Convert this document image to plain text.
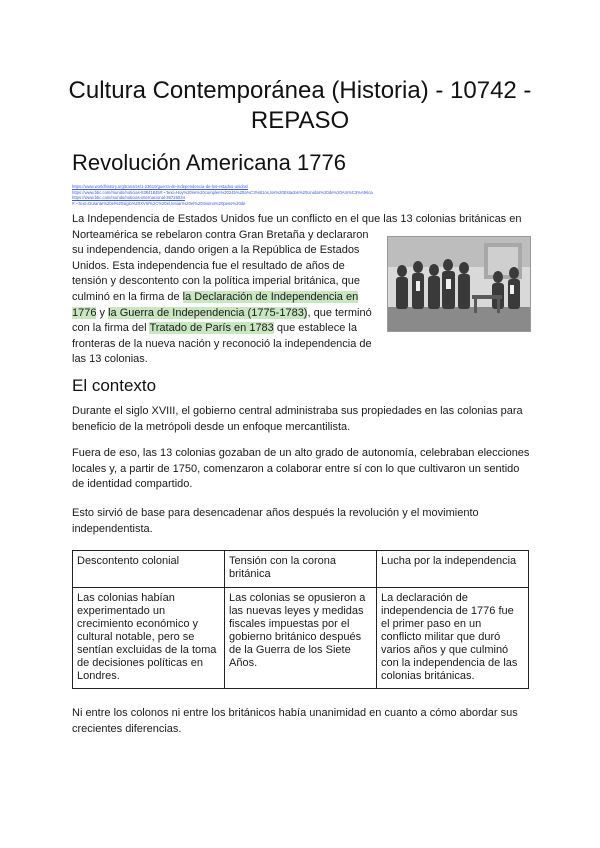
Cultura Contemporánea (Historia) - 10742 - REPASO
Revolución Americana 1776
https://www.worldhistory.org/trans/es/1-23610/guerra-de-independencia-de-los-estados-unidos/
https://www.bbc.com/mundo/noticias-53841845#:~:text=Hoy%20se%20cumplen%20245%20a%C3%B1os,los%20Estados%20Unidos%20de%20Am%C3%A9rica
https://www.bbc.com/mundo/noticias-internacional-36726034
#:~:text=Durante%20el%20siglo%20XVIII%2C%20el,tenian%20el%20mismo%20peso%20de
La Independencia de Estados Unidos fue un conflicto en el que las 13 colonias británicas en
Norteamérica se rebelaron contra Gran Bretaña y declararon
su independencia, dando origen a la República de Estados
Unidos. Esta independencia fue el resultado de años de
tensión y descontento con la política imperial británica, que
culminó en la firma de la Declaración de Independencia en
1776 y la Guerra de Independencia (1775-1783), que terminó
con la firma del Tratado de París en 1783 que establece la
fronteras de la nueva nación y reconoció la independencia de
las 13 colonias.
El contexto

Durante el siglo XVIII, el gobierno central administraba sus propiedades en las colonias para beneficio de la metrópoli desde un enfoque mercantilista.

Fuera de eso, las 13 colonias gozaban de un alto grado de autonomía, celebraban elecciones locales y, a partir de 1750, comenzaron a colaborar entre sí con lo que cultivaron un sentido de identidad compartido.

Esto sirvió de base para desencadenar años después la revolución y el movimiento independentista.

Descontento colonial	Tensión con la corona británica	Lucha por la independencia
Las colonias habían experimentado un crecimiento económico y cultural notable, pero se sentían excluidas de la toma de decisiones políticas en Londres.	Las colonias se opusieron a las nuevas leyes y medidas fiscales impuestas por el gobierno británico después de la Guerra de los Siete Años.	La declaración de independencia de 1776 fue el primer paso en un conflicto militar que duró varios años y que culminó con la independencia de las colonias británicas.

Ni entre los colonos ni entre los británicos había unanimidad en cuanto a cómo abordar sus crecientes diferencias.
